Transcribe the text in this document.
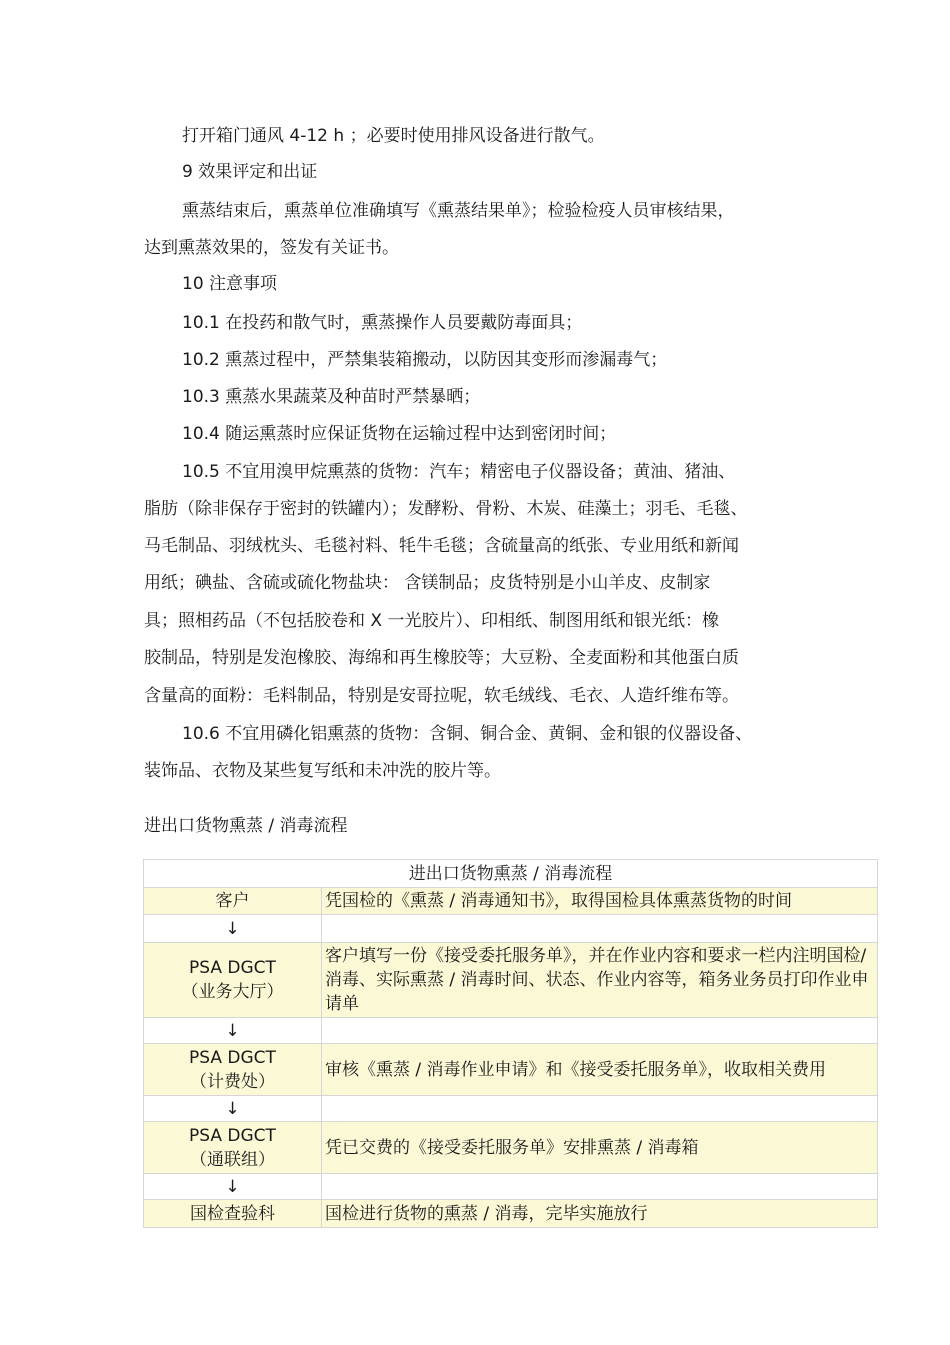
打开箱门通风 4-12 h ；必要时使用排风设备进行散气。
9 效果评定和出证
熏蒸结束后，熏蒸单位准确填写《熏蒸结果单》；检验检疫人员审核结果，
达到熏蒸效果的，签发有关证书。
10 注意事项
10.1 在投药和散气时，熏蒸操作人员要戴防毒面具；
10.2 熏蒸过程中，严禁集装箱搬动，以防因其变形而渗漏毒气；
10.3 熏蒸水果蔬菜及种苗时严禁暴晒；
10.4 随运熏蒸时应保证货物在运输过程中达到密闭时间；
10.5 不宜用溴甲烷熏蒸的货物：汽车；精密电子仪器设备；黄油、猪油、
脂肪（除非保存于密封的铁罐内）；发酵粉、骨粉、木炭、硅藻土；羽毛、毛毯、
马毛制品、羽绒枕头、毛毯衬料、牦牛毛毯；含硫量高的纸张、专业用纸和新闻
用纸；碘盐、含硫或硫化物盐块： 含镁制品；皮货特别是小山羊皮、皮制家
具；照相药品（不包括胶卷和 X 一光胶片）、印相纸、制图用纸和银光纸：橡
胶制品，特别是发泡橡胶、海绵和再生橡胶等；大豆粉、全麦面粉和其他蛋白质
含量高的面粉：毛料制品，特别是安哥拉呢，软毛绒线、毛衣、人造纤维布等。
10.6 不宜用磷化铝熏蒸的货物：含铜、铜合金、黄铜、金和银的仪器设备、
装饰品、衣物及某些复写纸和未冲洗的胶片等。
进出口货物熏蒸 / 消毒流程
进出口货物熏蒸 / 消毒流程	
客户	凭国检的《熏蒸 / 消毒通知书》，取得国检具体熏蒸货物的时间
↓	

PSA DGCT
（业务大厅）	客户填写一份《接受委托服务单》，并在作业内容和要求一栏内注明国检/ 消毒、实际熏蒸 / 消毒时间、状态、作业内容等，箱务业务员打印作业申请单
↓	

PSA DGCT
（计费处）	审核《熏蒸 / 消毒作业申请》和《接受委托服务单》，收取相关费用
↓	

PSA DGCT
（通联组）	凭已交费的《接受委托服务单》安排熏蒸 / 消毒箱
↓	
国检查验科	国检进行货物的熏蒸 / 消毒，完毕实施放行
